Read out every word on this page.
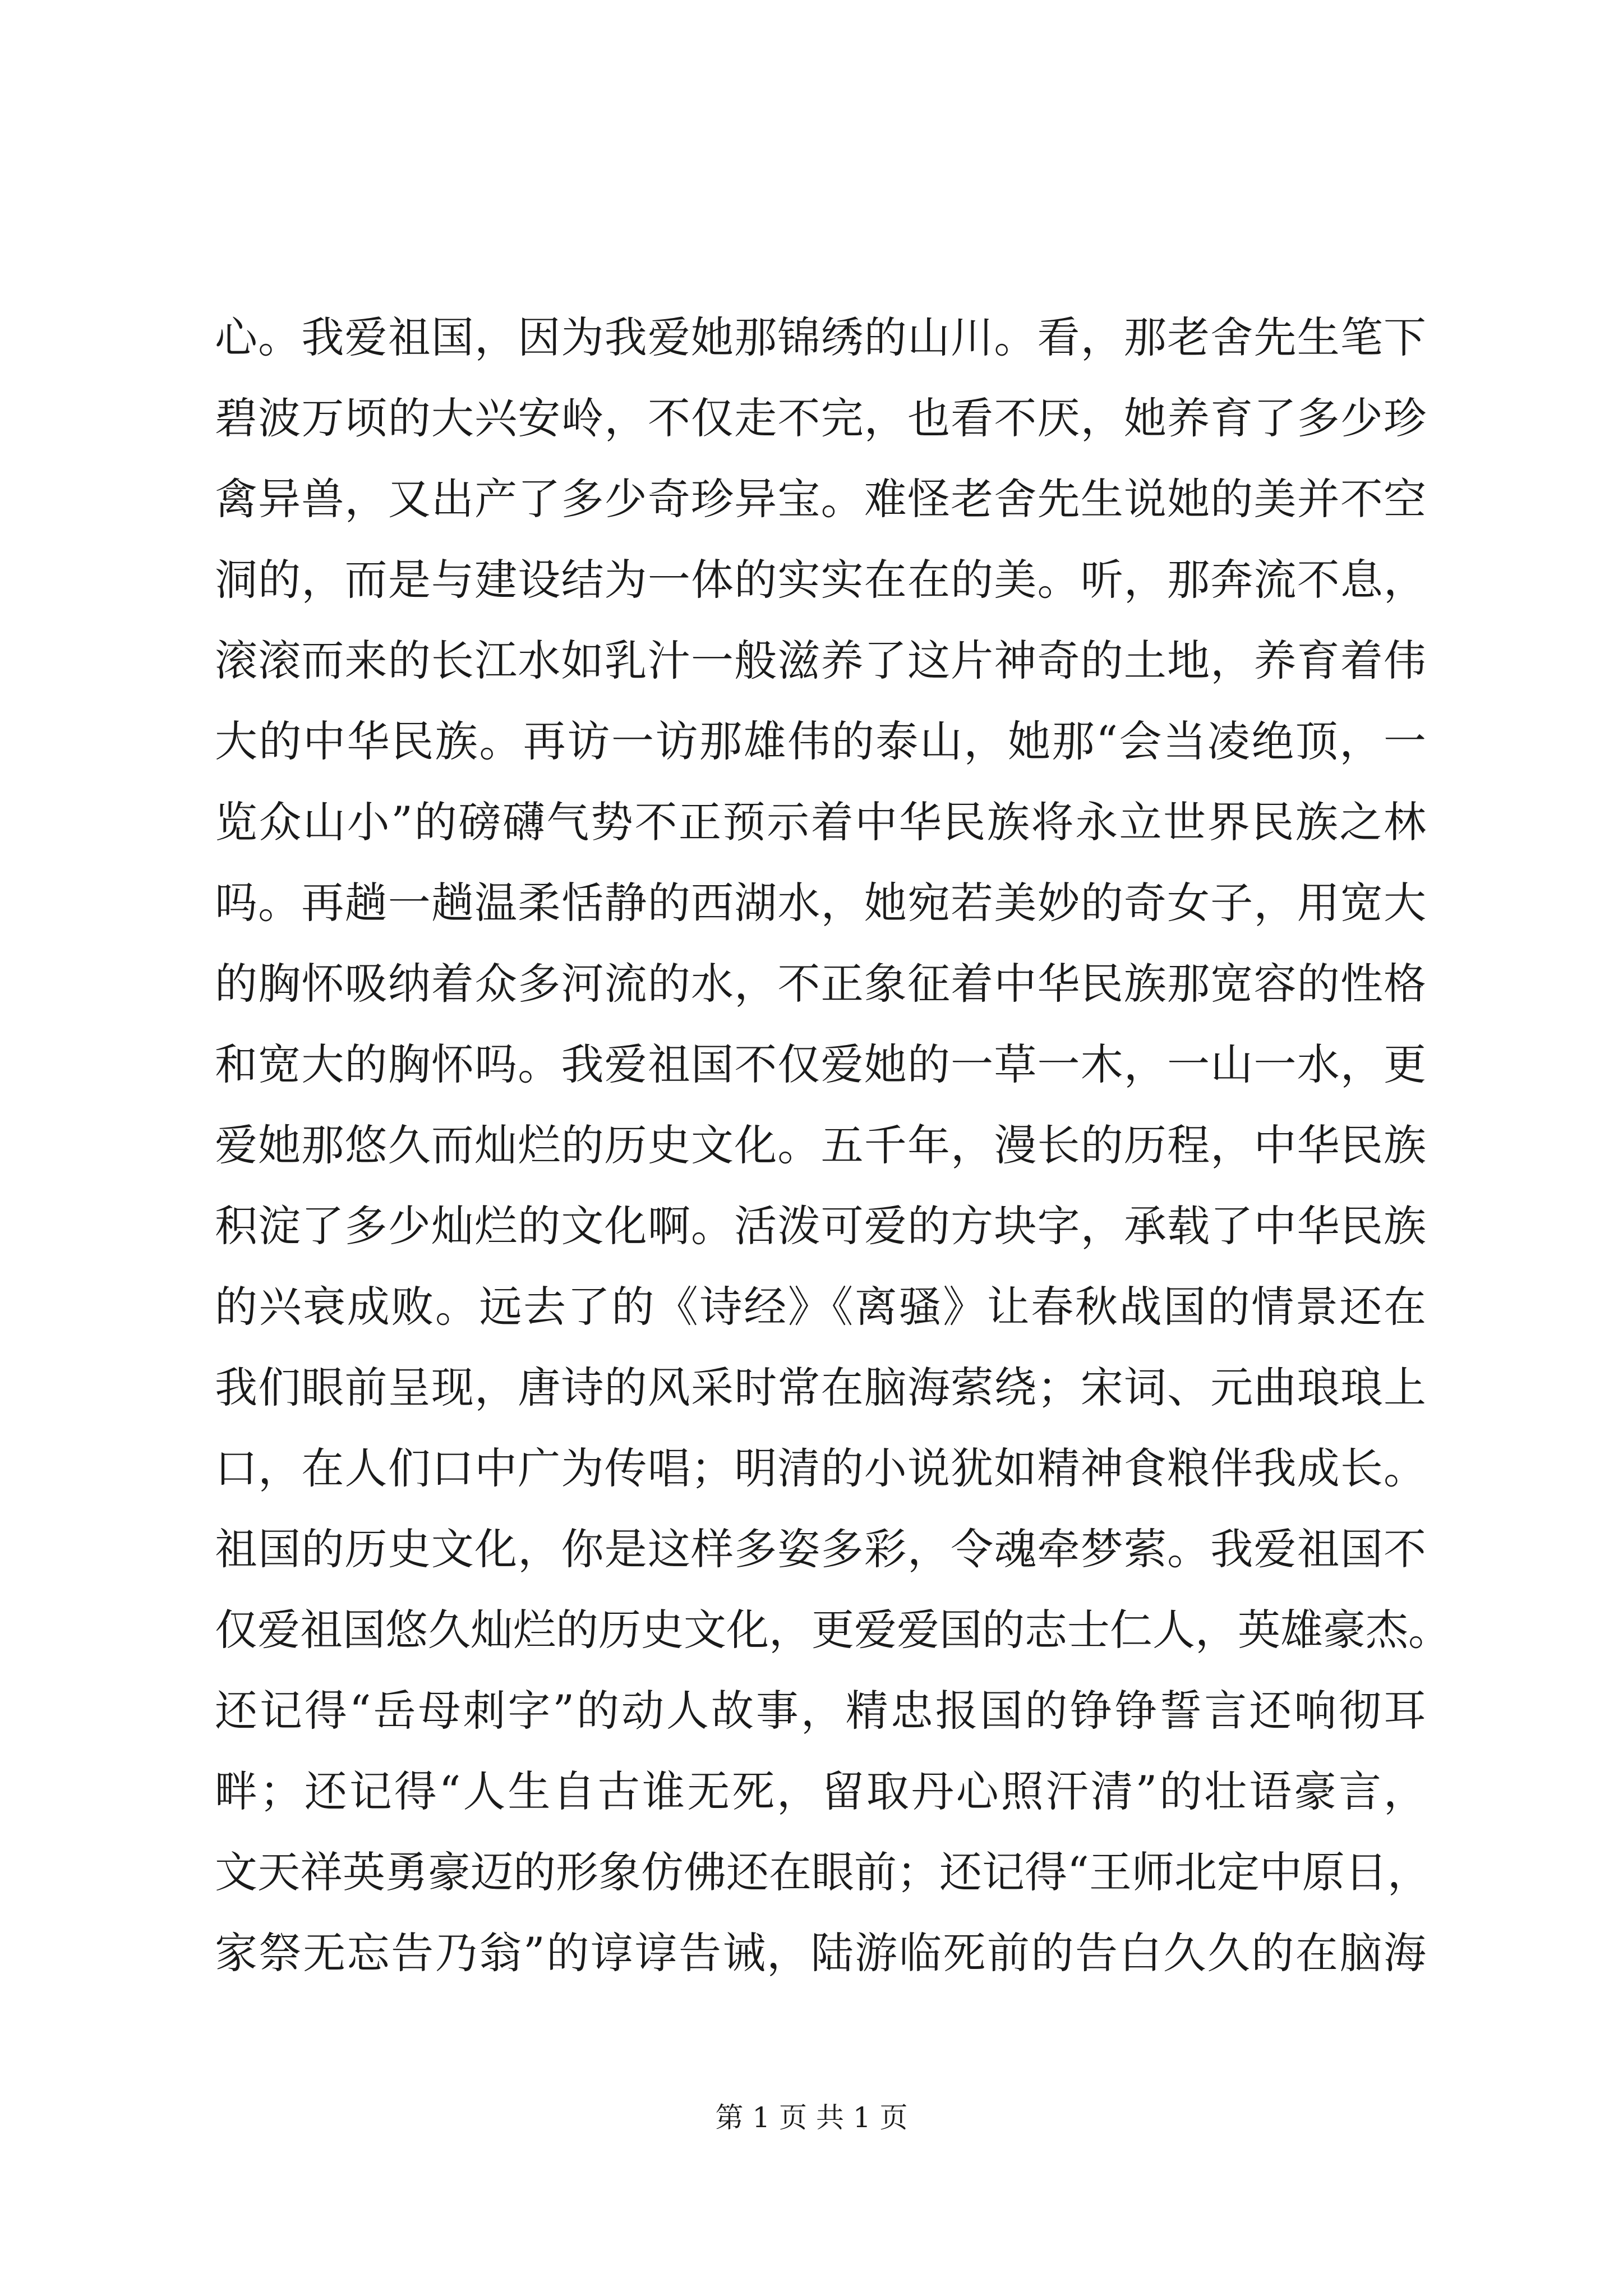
心。我爱祖国，因为我爱她那锦绣的山川。看，那老舍先生笔下
碧波万顷的大兴安岭，不仅走不完，也看不厌，她养育了多少珍
禽异兽，又出产了多少奇珍异宝。难怪老舍先生说她的美并不空
洞的，而是与建设结为一体的实实在在的美。听，那奔流不息，
滚滚而来的长江水如乳汁一般滋养了这片神奇的土地，养育着伟
大的中华民族。再访一访那雄伟的泰山，她那“会当凌绝顶，一
览众山小”的磅礴气势不正预示着中华民族将永立世界民族之林
吗。再趟一趟温柔恬静的西湖水，她宛若美妙的奇女子，用宽大
的胸怀吸纳着众多河流的水，不正象征着中华民族那宽容的性格
和宽大的胸怀吗。我爱祖国不仅爱她的一草一木，一山一水，更
爱她那悠久而灿烂的历史文化。五千年，漫长的历程，中华民族
积淀了多少灿烂的文化啊。活泼可爱的方块字，承载了中华民族
的兴衰成败。远去了的《诗经》《离骚》让春秋战国的情景还在
我们眼前呈现，唐诗的风采时常在脑海萦绕；宋词、元曲琅琅上
口，在人们口中广为传唱；明清的小说犹如精神食粮伴我成长。
祖国的历史文化，你是这样多姿多彩，令魂牵梦萦。我爱祖国不
仅爱祖国悠久灿烂的历史文化，更爱爱国的志士仁人，英雄豪杰。
还记得“岳母刺字”的动人故事，精忠报国的铮铮誓言还响彻耳
畔；还记得“人生自古谁无死，留取丹心照汗清”的壮语豪言，
文天祥英勇豪迈的形象仿佛还在眼前；还记得“王师北定中原日，
家祭无忘告乃翁”的谆谆告诫，陆游临死前的告白久久的在脑海
第 1 页 共 1 页
